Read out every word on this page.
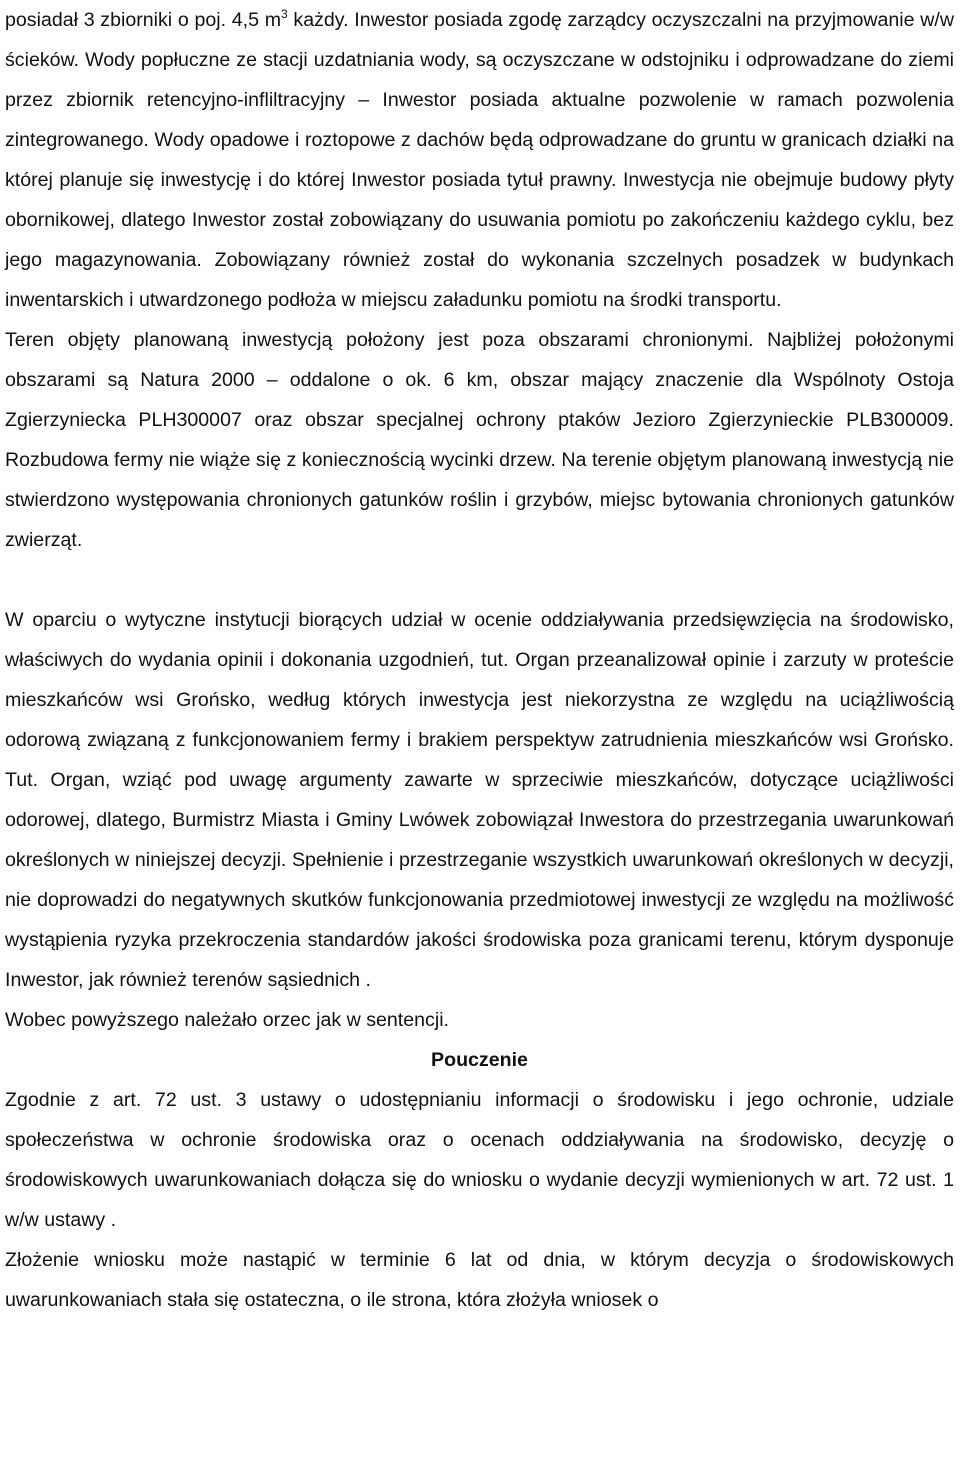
posiadał 3 zbiorniki o poj. 4,5 $m^3$ każdy. Inwestor posiada zgodę zarządcy oczyszczalni na przyjmowanie w/w ścieków. Wody popłuczne ze stacji uzdatniania wody, są oczyszczane w odstojniku i odprowadzane do ziemi przez zbiornik retencyjno-infliltracyjny – Inwestor posiada aktualne pozwolenie w ramach pozwolenia zintegrowanego. Wody opadowe i roztopowe z dachów będą odprowadzane do gruntu w granicach działki na której planuje się inwestycję i do której Inwestor posiada tytuł prawny. Inwestycja nie obejmuje budowy płyty obornikowej, dlatego Inwestor został zobowiązany do usuwania pomiotu po zakończeniu każdego cyklu, bez jego magazynowania. Zobowiązany również został do wykonania szczelnych posadzek w budynkach inwentarskich i utwardzonego podłoża w miejscu załadunku pomiotu na środki transportu.

Teren objęty planowaną inwestycją położony jest poza obszarami chronionymi. Najbliżej położonymi obszarami są Natura 2000 – oddalone o ok. 6 km, obszar mający znaczenie dla Wspólnoty Ostoja Zgierzyniecka PLH300007 oraz obszar specjalnej ochrony ptaków Jezioro Zgierzynieckie PLB300009. Rozbudowa fermy nie wiąże się z koniecznością wycinki drzew. Na terenie objętym planowaną inwestycją nie stwierdzono występowania chronionych gatunków roślin i grzybów, miejsc bytowania chronionych gatunków zwierząt.

W oparciu o wytyczne instytucji biorących udział w ocenie oddziaływania przedsięwzięcia na środowisko, właściwych do wydania opinii i dokonania uzgodnień, tut. Organ przeanalizował opinie i zarzuty w proteście mieszkańców wsi Grońsko, według których inwestycja jest niekorzystna ze względu na uciążliwością odorową związaną z funkcjonowaniem fermy i brakiem perspektyw zatrudnienia mieszkańców wsi Grońsko. Tut. Organ, wziąć pod uwagę argumenty zawarte w sprzeciwie mieszkańców, dotyczące uciążliwości odorowej, dlatego, Burmistrz Miasta i Gminy Lwówek zobowiązał Inwestora do przestrzegania uwarunkowań określonych w niniejszej decyzji. Spełnienie i przestrzeganie wszystkich uwarunkowań określonych w decyzji, nie doprowadzi do negatywnych skutków funkcjonowania przedmiotowej inwestycji ze względu na możliwość wystąpienia ryzyka przekroczenia standardów jakości środowiska poza granicami terenu, którym dysponuje Inwestor, jak również terenów sąsiednich .

Wobec powyższego należało orzec jak w sentencji.

Pouczenie

Zgodnie z art. 72 ust. 3 ustawy o udostępnianiu informacji o środowisku i jego ochronie, udziale społeczeństwa w ochronie środowiska oraz o ocenach oddziaływania na środowisko, decyzję o środowiskowych uwarunkowaniach dołącza się do wniosku o wydanie decyzji wymienionych w art. 72 ust. 1 w/w ustawy .

Złożenie wniosku może nastąpić w terminie 6 lat od dnia, w którym decyzja o środowiskowych uwarunkowaniach stała się ostateczna, o ile strona, która złożyła wniosek o
